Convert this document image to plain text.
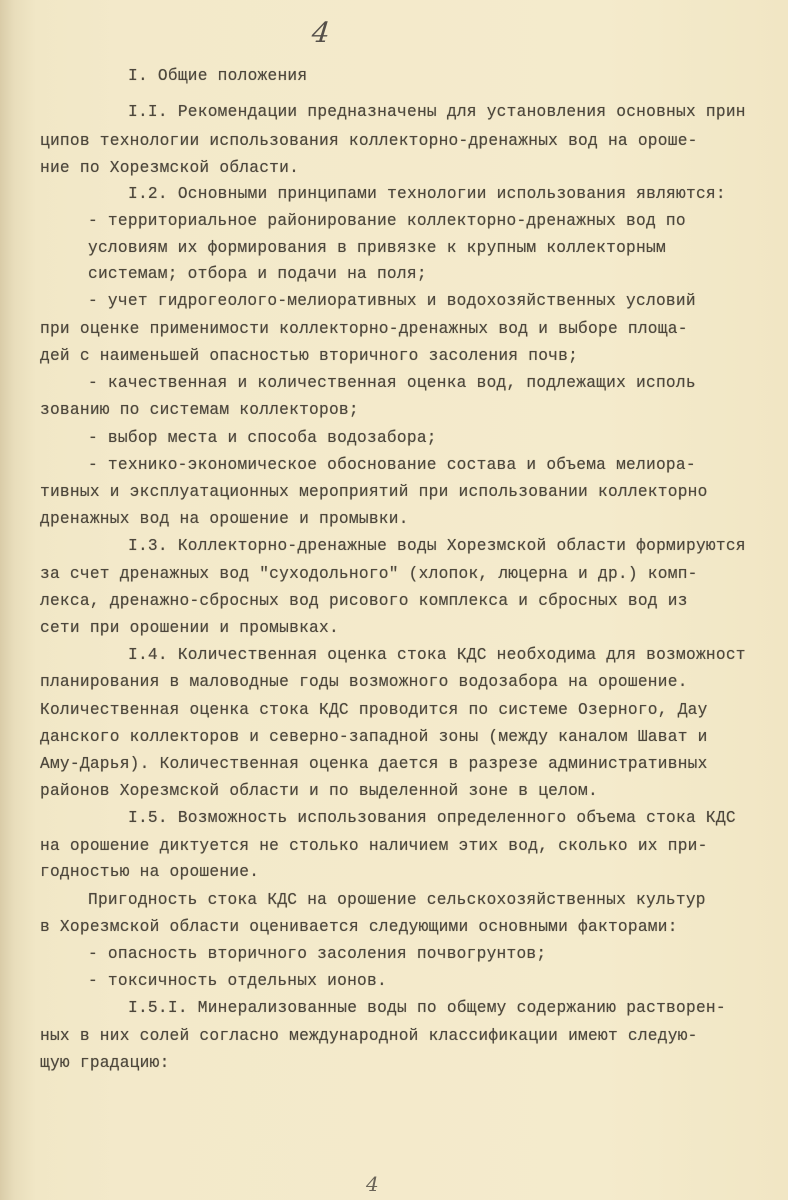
4
I. Общие положения
I.I. Рекомендации предназначены для установления основных прин
ципов технологии использования коллекторно-дренажных вод на ороше-
ние по Хорезмской области.
I.2. Основными принципами технологии использования являются:
- территориальное районирование коллекторно-дренажных вод по
условиям их формирования в привязке к крупным коллекторным
системам; отбора и подачи на поля;
- учет гидрогеолого-мелиоративных и водохозяйственных условий
при оценке применимости коллекторно-дренажных вод и выборе площа-
дей с наименьшей опасностью вторичного засоления почв;
- качественная и количественная оценка вод, подлежащих исполь
зованию по системам коллекторов;
- выбор места и способа водозабора;
- технико-экономическое обоснование состава и объема мелиора-
тивных и эксплуатационных мероприятий при использовании коллекторно
дренажных вод на орошение и промывки.
I.3. Коллекторно-дренажные воды Хорезмской области формируются
за счет дренажных вод "суходольного" (хлопок, люцерна и др.) комп-
лекса, дренажно-сбросных вод рисового комплекса и сбросных вод из
сети при орошении и промывках.
I.4. Количественная оценка стока КДС необходима для возможност
планирования в маловодные годы возможного водозабора на орошение.
Количественная оценка стока КДС проводится по системе Озерного, Дау
данского коллекторов и северно-западной зоны (между каналом Шават и
Аму-Дарья). Количественная оценка дается в разрезе административных
районов Хорезмской области и по выделенной зоне в целом.
I.5. Возможность использования определенного объема стока КДС
на орошение диктуется не столько наличием этих вод, сколько их при-
годностью на орошение.
Пригодность стока КДС на орошение сельскохозяйственных культур
в Хорезмской области оценивается следующими основными факторами:
- опасность вторичного засоления почвогрунтов;
- токсичность отдельных ионов.
I.5.I. Минерализованные воды по общему содержанию растворен-
ных в них солей согласно международной классификации имеют следую-
щую градацию:
4
